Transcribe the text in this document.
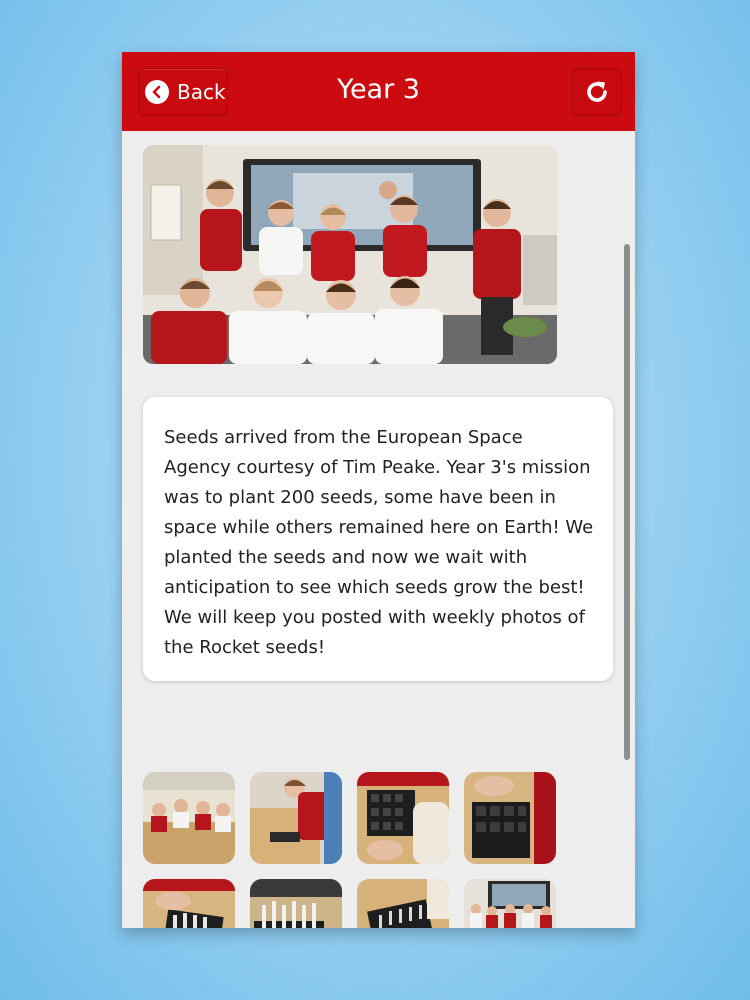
Back	Year 3

Seeds arrived from the European Space Agency courtesy of Tim Peake. Year 3's mission was to plant 200 seeds, some have been in space while others remained here on Earth! We planted the seeds and now we wait with anticipation to see which seeds grow the best! We will keep you posted with weekly photos of the Rocket seeds!
